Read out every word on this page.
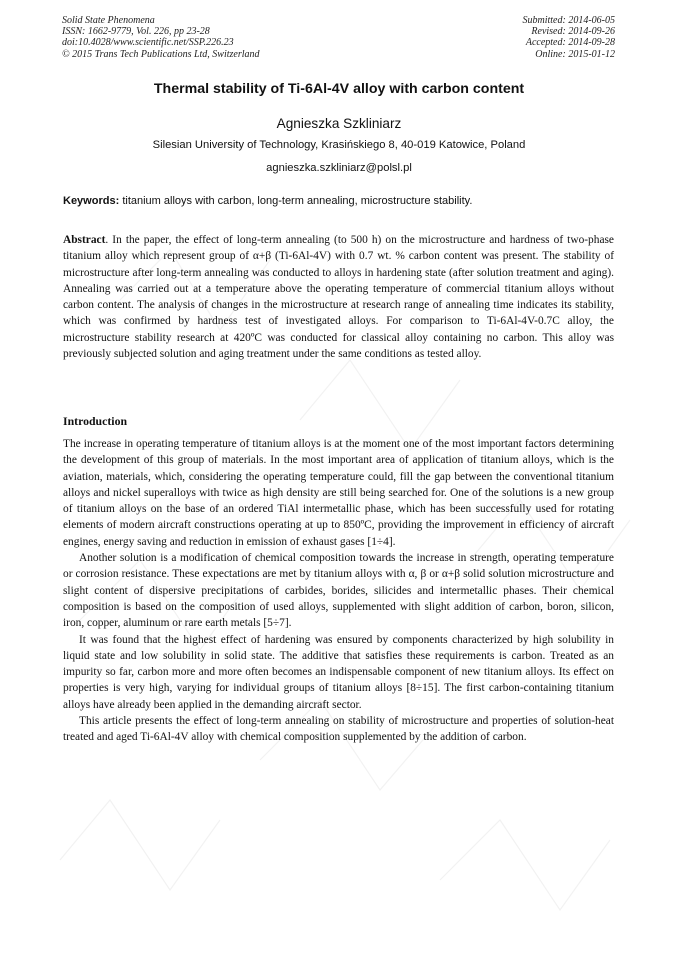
Solid State Phenomena
ISSN: 1662-9779, Vol. 226, pp 23-28
doi:10.4028/www.scientific.net/SSP.226.23
© 2015 Trans Tech Publications Ltd, Switzerland
Submitted: 2014-06-05
Revised: 2014-09-26
Accepted: 2014-09-28
Online: 2015-01-12
Thermal stability of Ti-6Al-4V alloy with carbon content
Agnieszka Szkliniarz
Silesian University of Technology, Krasińskiego 8, 40-019 Katowice, Poland
agnieszka.szkliniarz@polsl.pl
Keywords: titanium alloys with carbon, long-term annealing, microstructure stability.
Abstract. In the paper, the effect of long-term annealing (to 500 h) on the microstructure and hardness of two-phase titanium alloy which represent group of α+β (Ti-6Al-4V) with 0.7 wt. % carbon content was present. The stability of microstructure after long-term annealing was conducted to alloys in hardening state (after solution treatment and aging). Annealing was carried out at a temperature above the operating temperature of commercial titanium alloys without carbon content. The analysis of changes in the microstructure at research range of annealing time indicates its stability, which was confirmed by hardness test of investigated alloys. For comparison to Ti-6Al-4V-0.7C alloy, the microstructure stability research at 420ºC was conducted for classical alloy containing no carbon. This alloy was previously subjected solution and aging treatment under the same conditions as tested alloy.
Introduction

The increase in operating temperature of titanium alloys is at the moment one of the most important factors determining the development of this group of materials. In the most important area of application of titanium alloys, which is the aviation, materials, which, considering the operating temperature could, fill the gap between the conventional titanium alloys and nickel superalloys with twice as high density are still being searched for. One of the solutions is a new group of titanium alloys on the base of an ordered TiAl intermetallic phase, which has been successfully used for rotating elements of modern aircraft constructions operating at up to 850ºC, providing the improvement in efficiency of aircraft engines, energy saving and reduction in emission of exhaust gases [1÷4].

Another solution is a modification of chemical composition towards the increase in strength, operating temperature or corrosion resistance. These expectations are met by titanium alloys with α, β or α+β solid solution microstructure and slight content of dispersive precipitations of carbides, borides, silicides and intermetallic phases. Their chemical composition is based on the composition of used alloys, supplemented with slight addition of carbon, boron, silicon, iron, copper, aluminum or rare earth metals [5÷7].

It was found that the highest effect of hardening was ensured by components characterized by high solubility in liquid state and low solubility in solid state. The additive that satisfies these requirements is carbon. Treated as an impurity so far, carbon more and more often becomes an indispensable component of new titanium alloys. Its effect on properties is very high, varying for individual groups of titanium alloys [8÷15]. The first carbon-containing titanium alloys have already been applied in the demanding aircraft sector.

This article presents the effect of long-term annealing on stability of microstructure and properties of solution-heat treated and aged Ti-6Al-4V alloy with chemical composition supplemented by the addition of carbon.
